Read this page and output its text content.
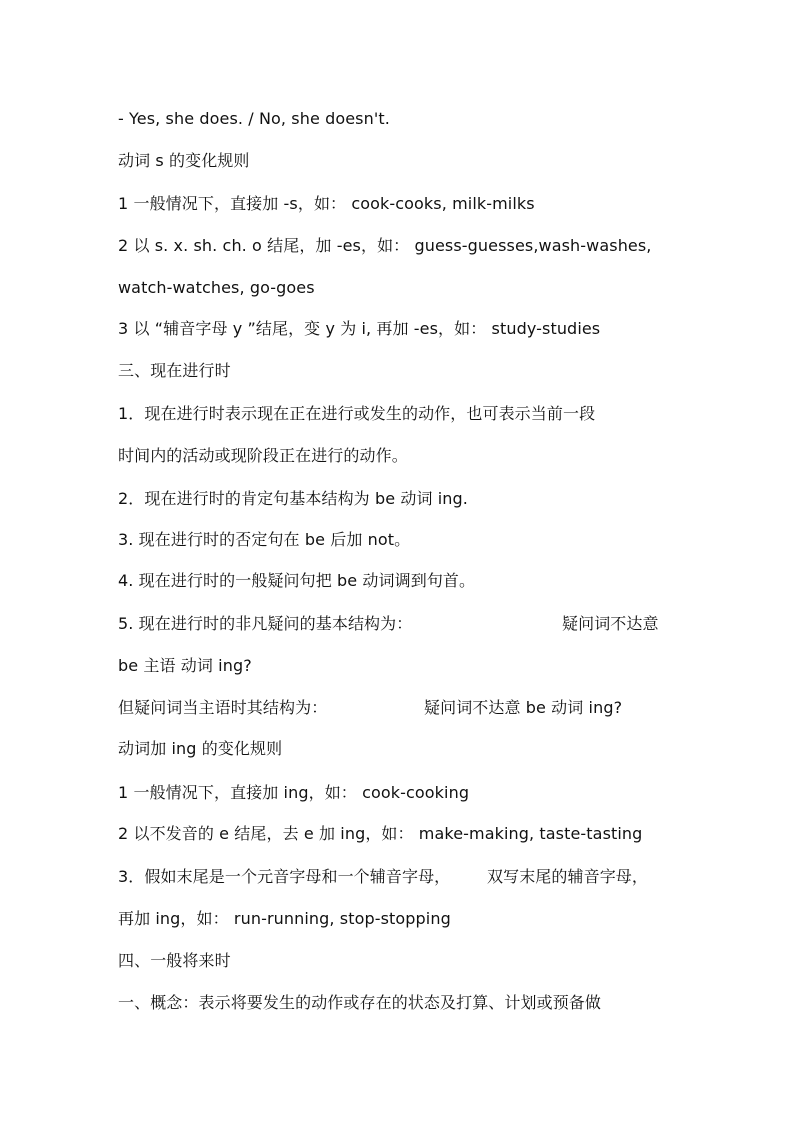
- Yes, she does. / No, she doesn't.
动词 s 的变化规则
1 一般情况下，直接加 -s，如： cook-cooks, milk-milks
2 以 s. x. sh. ch. o 结尾，加 -es，如： guess-guesses,wash-washes,
watch-watches, go-goes
3 以 “辅音字母 y ”结尾，变 y 为 i, 再加 -es，如： study-studies
三、现在进行时
1．现在进行时表示现在正在进行或发生的动作，也可表示当前一段
时间内的活动或现阶段正在进行的动作。
2．现在进行时的肯定句基本结构为 be 动词 ing.
3. 现在进行时的否定句在 be 后加 not。
4. 现在进行时的一般疑问句把 be 动词调到句首。
5. 现在进行时的非凡疑问的基本结构为：	疑问词不达意
be 主语 动词 ing?
但疑问词当主语时其结构为：	疑问词不达意 be 动词 ing?
动词加 ing 的变化规则
1 一般情况下，直接加 ing，如： cook-cooking
2 以不发音的 e 结尾，去 e 加 ing，如： make-making, taste-tasting
3．假如末尾是一个元音字母和一个辅音字母， 双写末尾的辅音字母，
再加 ing，如： run-running, stop-stopping
四、一般将来时
一、概念：表示将要发生的动作或存在的状态及打算、计划或预备做
